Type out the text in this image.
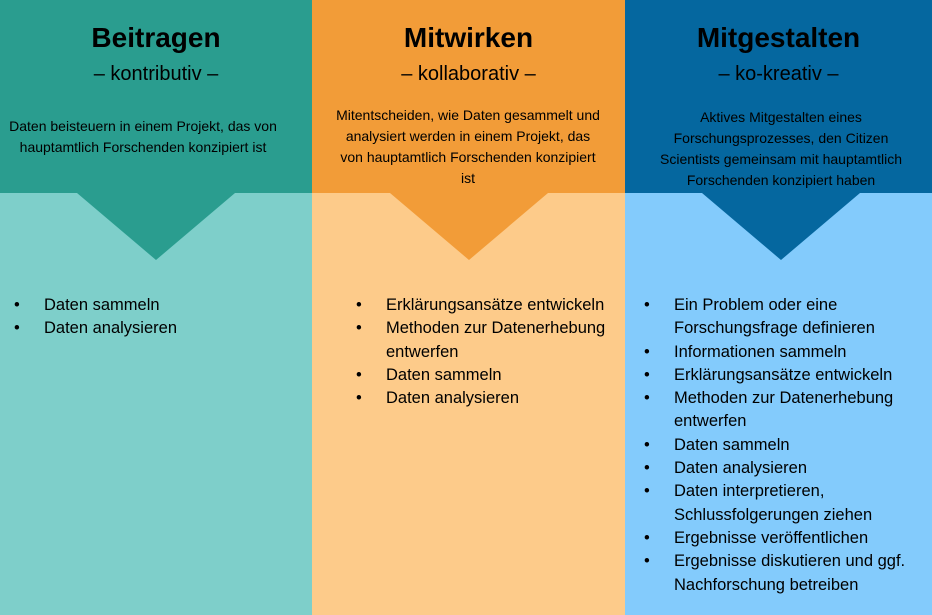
Beitragen
– kontributiv –
Daten beisteuern in einem Projekt, das von hauptamtlich Forschenden konzipiert ist
• Daten sammeln
• Daten analysieren
Mitwirken
– kollaborativ –
Mitentscheiden, wie Daten gesammelt und analysiert werden in einem Projekt, das von hauptamtlich Forschenden konzipiert ist
• Erklärungsansätze entwickeln
• Methoden zur Datenerhebung entwerfen
• Daten sammeln
• Daten analysieren
Mitgestalten
– ko-kreativ –
Aktives Mitgestalten eines Forschungsprozesses, den Citizen Scientists gemeinsam mit hauptamtlich Forschenden konzipiert haben
• Ein Problem oder eine Forschungsfrage definieren
• Informationen sammeln
• Erklärungsansätze entwickeln
• Methoden zur Datenerhebung entwerfen
• Daten sammeln
• Daten analysieren
• Daten interpretieren, Schlussfolgerungen ziehen
• Ergebnisse veröffentlichen
• Ergebnisse diskutieren und ggf. Nachforschung betreiben
